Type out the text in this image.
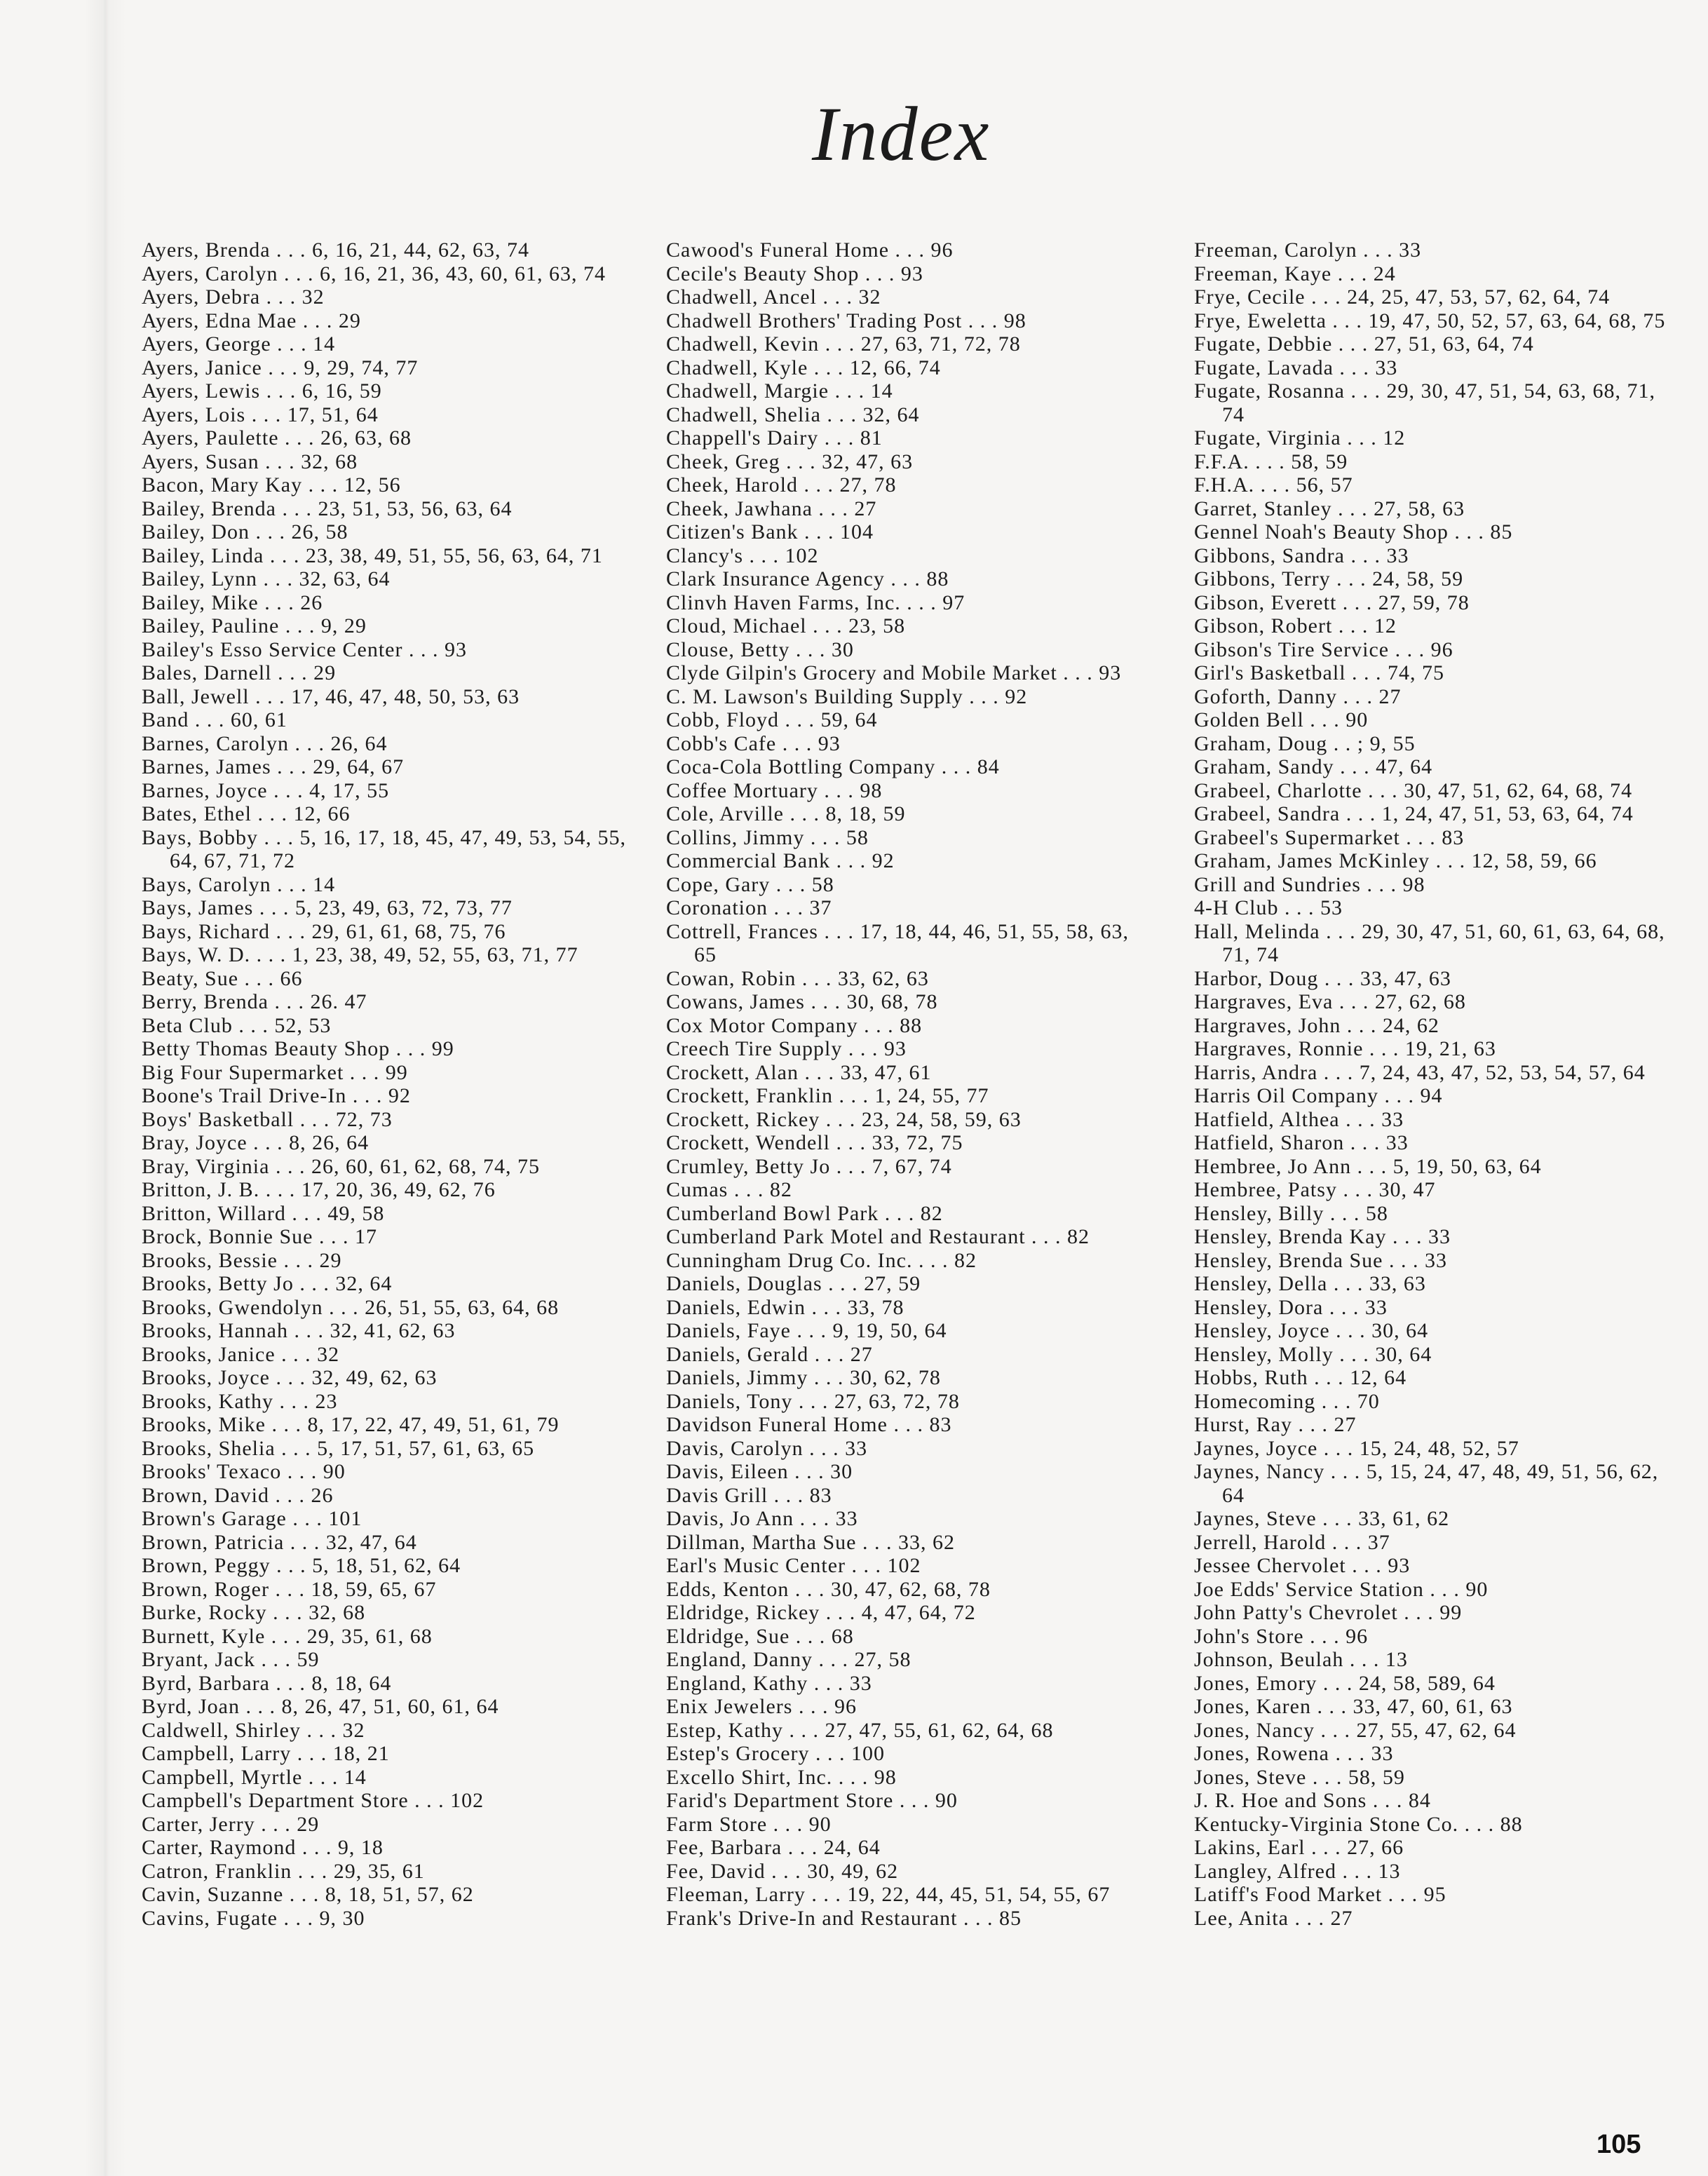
Index
Ayers, Brenda . . . 6, 16, 21, 44, 62, 63, 74
Ayers, Carolyn . . . 6, 16, 21, 36, 43, 60, 61, 63, 74
Ayers, Debra . . . 32
Ayers, Edna Mae . . . 29
Ayers, George . . . 14
Ayers, Janice . . . 9, 29, 74, 77
Ayers, Lewis . . . 6, 16, 59
Ayers, Lois . . . 17, 51, 64
Ayers, Paulette . . . 26, 63, 68
Ayers, Susan . . . 32, 68
Bacon, Mary Kay . . . 12, 56
Bailey, Brenda . . . 23, 51, 53, 56, 63, 64
Bailey, Don . . . 26, 58
Bailey, Linda . . . 23, 38, 49, 51, 55, 56, 63, 64, 71
Bailey, Lynn . . . 32, 63, 64
Bailey, Mike . . . 26
Bailey, Pauline . . . 9, 29
Bailey's Esso Service Center . . . 93
Bales, Darnell . . . 29
Ball, Jewell . . . 17, 46, 47, 48, 50, 53, 63
Band . . . 60, 61
Barnes, Carolyn . . . 26, 64
Barnes, James . . . 29, 64, 67
Barnes, Joyce . . . 4, 17, 55
Bates, Ethel . . . 12, 66
Bays, Bobby . . . 5, 16, 17, 18, 45, 47, 49, 53, 54, 55,
64, 67, 71, 72
Bays, Carolyn . . . 14
Bays, James . . . 5, 23, 49, 63, 72, 73, 77
Bays, Richard . . . 29, 61, 61, 68, 75, 76
Bays, W. D. . . . 1, 23, 38, 49, 52, 55, 63, 71, 77
Beaty, Sue . . . 66
Berry, Brenda . . . 26. 47
Beta Club . . . 52, 53
Betty Thomas Beauty Shop . . . 99
Big Four Supermarket . . . 99
Boone's Trail Drive-In . . . 92
Boys' Basketball . . . 72, 73
Bray, Joyce . . . 8, 26, 64
Bray, Virginia . . . 26, 60, 61, 62, 68, 74, 75
Britton, J. B. . . . 17, 20, 36, 49, 62, 76
Britton, Willard . . . 49, 58
Brock, Bonnie Sue . . . 17
Brooks, Bessie . . . 29
Brooks, Betty Jo . . . 32, 64
Brooks, Gwendolyn . . . 26, 51, 55, 63, 64, 68
Brooks, Hannah . . . 32, 41, 62, 63
Brooks, Janice . . . 32
Brooks, Joyce . . . 32, 49, 62, 63
Brooks, Kathy . . . 23
Brooks, Mike . . . 8, 17, 22, 47, 49, 51, 61, 79
Brooks, Shelia . . . 5, 17, 51, 57, 61, 63, 65
Brooks' Texaco . . . 90
Brown, David . . . 26
Brown's Garage . . . 101
Brown, Patricia . . . 32, 47, 64
Brown, Peggy . . . 5, 18, 51, 62, 64
Brown, Roger . . . 18, 59, 65, 67
Burke, Rocky . . . 32, 68
Burnett, Kyle . . . 29, 35, 61, 68
Bryant, Jack . . . 59
Byrd, Barbara . . . 8, 18, 64
Byrd, Joan . . . 8, 26, 47, 51, 60, 61, 64
Caldwell, Shirley . . . 32
Campbell, Larry . . . 18, 21
Campbell, Myrtle . . . 14
Campbell's Department Store . . . 102
Carter, Jerry . . . 29
Carter, Raymond . . . 9, 18
Catron, Franklin . . . 29, 35, 61
Cavin, Suzanne . . . 8, 18, 51, 57, 62
Cavins, Fugate . . . 9, 30
Cawood's Funeral Home . . . 96
Cecile's Beauty Shop . . . 93
Chadwell, Ancel . . . 32
Chadwell Brothers' Trading Post . . . 98
Chadwell, Kevin . . . 27, 63, 71, 72, 78
Chadwell, Kyle . . . 12, 66, 74
Chadwell, Margie . . . 14
Chadwell, Shelia . . . 32, 64
Chappell's Dairy . . . 81
Cheek, Greg . . . 32, 47, 63
Cheek, Harold . . . 27, 78
Cheek, Jawhana . . . 27
Citizen's Bank . . . 104
Clancy's . . . 102
Clark Insurance Agency . . . 88
Clinvh Haven Farms, Inc. . . . 97
Cloud, Michael . . . 23, 58
Clouse, Betty . . . 30
Clyde Gilpin's Grocery and Mobile Market . . . 93
C. M. Lawson's Building Supply . . . 92
Cobb, Floyd . . . 59, 64
Cobb's Cafe . . . 93
Coca-Cola Bottling Company . . . 84
Coffee Mortuary . . . 98
Cole, Arville . . . 8, 18, 59
Collins, Jimmy . . . 58
Commercial Bank . . . 92
Cope, Gary . . . 58
Coronation . . . 37
Cottrell, Frances . . . 17, 18, 44, 46, 51, 55, 58, 63,
65
Cowan, Robin . . . 33, 62, 63
Cowans, James . . . 30, 68, 78
Cox Motor Company . . . 88
Creech Tire Supply . . . 93
Crockett, Alan . . . 33, 47, 61
Crockett, Franklin . . . 1, 24, 55, 77
Crockett, Rickey . . . 23, 24, 58, 59, 63
Crockett, Wendell . . . 33, 72, 75
Crumley, Betty Jo . . . 7, 67, 74
Cumas . . . 82
Cumberland Bowl Park . . . 82
Cumberland Park Motel and Restaurant . . . 82
Cunningham Drug Co. Inc. . . . 82
Daniels, Douglas . . . 27, 59
Daniels, Edwin . . . 33, 78
Daniels, Faye . . . 9, 19, 50, 64
Daniels, Gerald . . . 27
Daniels, Jimmy . . . 30, 62, 78
Daniels, Tony . . . 27, 63, 72, 78
Davidson Funeral Home . . . 83
Davis, Carolyn . . . 33
Davis, Eileen . . . 30
Davis Grill . . . 83
Davis, Jo Ann . . . 33
Dillman, Martha Sue . . . 33, 62
Earl's Music Center . . . 102
Edds, Kenton . . . 30, 47, 62, 68, 78
Eldridge, Rickey . . . 4, 47, 64, 72
Eldridge, Sue . . . 68
England, Danny . . . 27, 58
England, Kathy . . . 33
Enix Jewelers . . . 96
Estep, Kathy . . . 27, 47, 55, 61, 62, 64, 68
Estep's Grocery . . . 100
Excello Shirt, Inc. . . . 98
Farid's Department Store . . . 90
Farm Store . . . 90
Fee, Barbara . . . 24, 64
Fee, David . . . 30, 49, 62
Fleeman, Larry . . . 19, 22, 44, 45, 51, 54, 55, 67
Frank's Drive-In and Restaurant . . . 85
Freeman, Carolyn . . . 33
Freeman, Kaye . . . 24
Frye, Cecile . . . 24, 25, 47, 53, 57, 62, 64, 74
Frye, Eweletta . . . 19, 47, 50, 52, 57, 63, 64, 68, 75
Fugate, Debbie . . . 27, 51, 63, 64, 74
Fugate, Lavada . . . 33
Fugate, Rosanna . . . 29, 30, 47, 51, 54, 63, 68, 71,
74
Fugate, Virginia . . . 12
F.F.A. . . . 58, 59
F.H.A. . . . 56, 57
Garret, Stanley . . . 27, 58, 63
Gennel Noah's Beauty Shop . . . 85
Gibbons, Sandra . . . 33
Gibbons, Terry . . . 24, 58, 59
Gibson, Everett . . . 27, 59, 78
Gibson, Robert . . . 12
Gibson's Tire Service . . . 96
Girl's Basketball . . . 74, 75
Goforth, Danny . . . 27
Golden Bell . . . 90
Graham, Doug . . ; 9, 55
Graham, Sandy . . . 47, 64
Grabeel, Charlotte . . . 30, 47, 51, 62, 64, 68, 74
Grabeel, Sandra . . . 1, 24, 47, 51, 53, 63, 64, 74
Grabeel's Supermarket . . . 83
Graham, James McKinley . . . 12, 58, 59, 66
Grill and Sundries . . . 98
4-H Club . . . 53
Hall, Melinda . . . 29, 30, 47, 51, 60, 61, 63, 64, 68,
71, 74
Harbor, Doug . . . 33, 47, 63
Hargraves, Eva . . . 27, 62, 68
Hargraves, John . . . 24, 62
Hargraves, Ronnie . . . 19, 21, 63
Harris, Andra . . . 7, 24, 43, 47, 52, 53, 54, 57, 64
Harris Oil Company . . . 94
Hatfield, Althea . . . 33
Hatfield, Sharon . . . 33
Hembree, Jo Ann . . . 5, 19, 50, 63, 64
Hembree, Patsy . . . 30, 47
Hensley, Billy . . . 58
Hensley, Brenda Kay . . . 33
Hensley, Brenda Sue . . . 33
Hensley, Della . . . 33, 63
Hensley, Dora . . . 33
Hensley, Joyce . . . 30, 64
Hensley, Molly . . . 30, 64
Hobbs, Ruth . . . 12, 64
Homecoming . . . 70
Hurst, Ray . . . 27
Jaynes, Joyce . . . 15, 24, 48, 52, 57
Jaynes, Nancy . . . 5, 15, 24, 47, 48, 49, 51, 56, 62,
64
Jaynes, Steve . . . 33, 61, 62
Jerrell, Harold . . . 37
Jessee Chervolet . . . 93
Joe Edds' Service Station . . . 90
John Patty's Chevrolet . . . 99
John's Store . . . 96
Johnson, Beulah . . . 13
Jones, Emory . . . 24, 58, 589, 64
Jones, Karen . . . 33, 47, 60, 61, 63
Jones, Nancy . . . 27, 55, 47, 62, 64
Jones, Rowena . . . 33
Jones, Steve . . . 58, 59
J. R. Hoe and Sons . . . 84
Kentucky-Virginia Stone Co. . . . 88
Lakins, Earl . . . 27, 66
Langley, Alfred . . . 13
Latiff's Food Market . . . 95
Lee, Anita . . . 27
105
